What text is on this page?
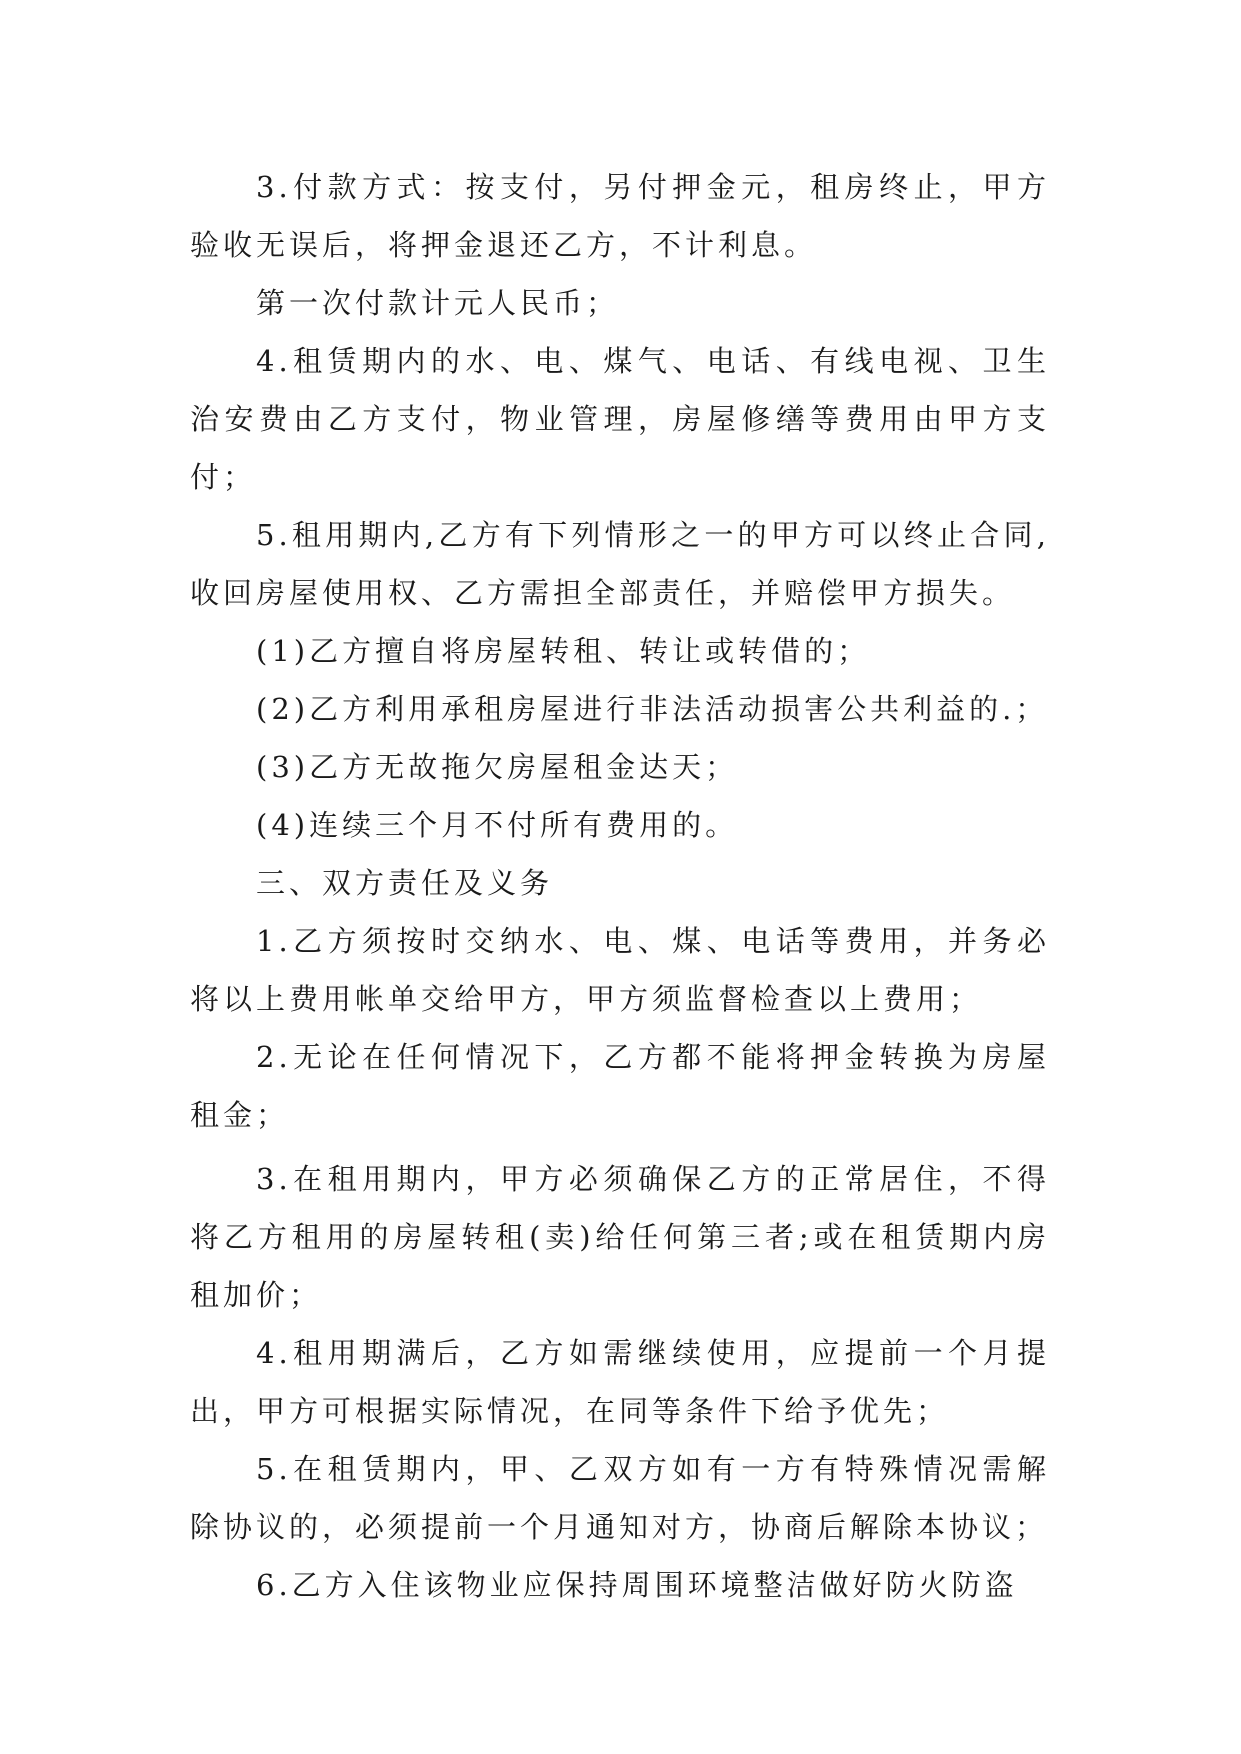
3.付款方式：按支付，另付押金元，租房终止，甲方验收无误后，将押金退还乙方，不计利息。

第一次付款计元人民币；

4.租赁期内的水、电、煤气、电话、有线电视、卫生治安费由乙方支付，物业管理，房屋修缮等费用由甲方支付；

5.租用期内,乙方有下列情形之一的甲方可以终止合同,收回房屋使用权、乙方需担全部责任，并赔偿甲方损失。

(1)乙方擅自将房屋转租、转让或转借的；

(2)乙方利用承租房屋进行非法活动损害公共利益的.；

(3)乙方无故拖欠房屋租金达天；

(4)连续三个月不付所有费用的。

三、双方责任及义务

1.乙方须按时交纳水、电、煤、电话等费用，并务必将以上费用帐单交给甲方，甲方须监督检查以上费用；

2.无论在任何情况下，乙方都不能将押金转换为房屋租金；

3.在租用期内，甲方必须确保乙方的正常居住，不得将乙方租用的房屋转租(卖)给任何第三者;或在租赁期内房租加价；

4.租用期满后，乙方如需继续使用，应提前一个月提出，甲方可根据实际情况，在同等条件下给予优先；

5.在租赁期内，甲、乙双方如有一方有特殊情况需解除协议的，必须提前一个月通知对方，协商后解除本协议；

6.乙方入住该物业应保持周围环境整洁做好防火防盗
